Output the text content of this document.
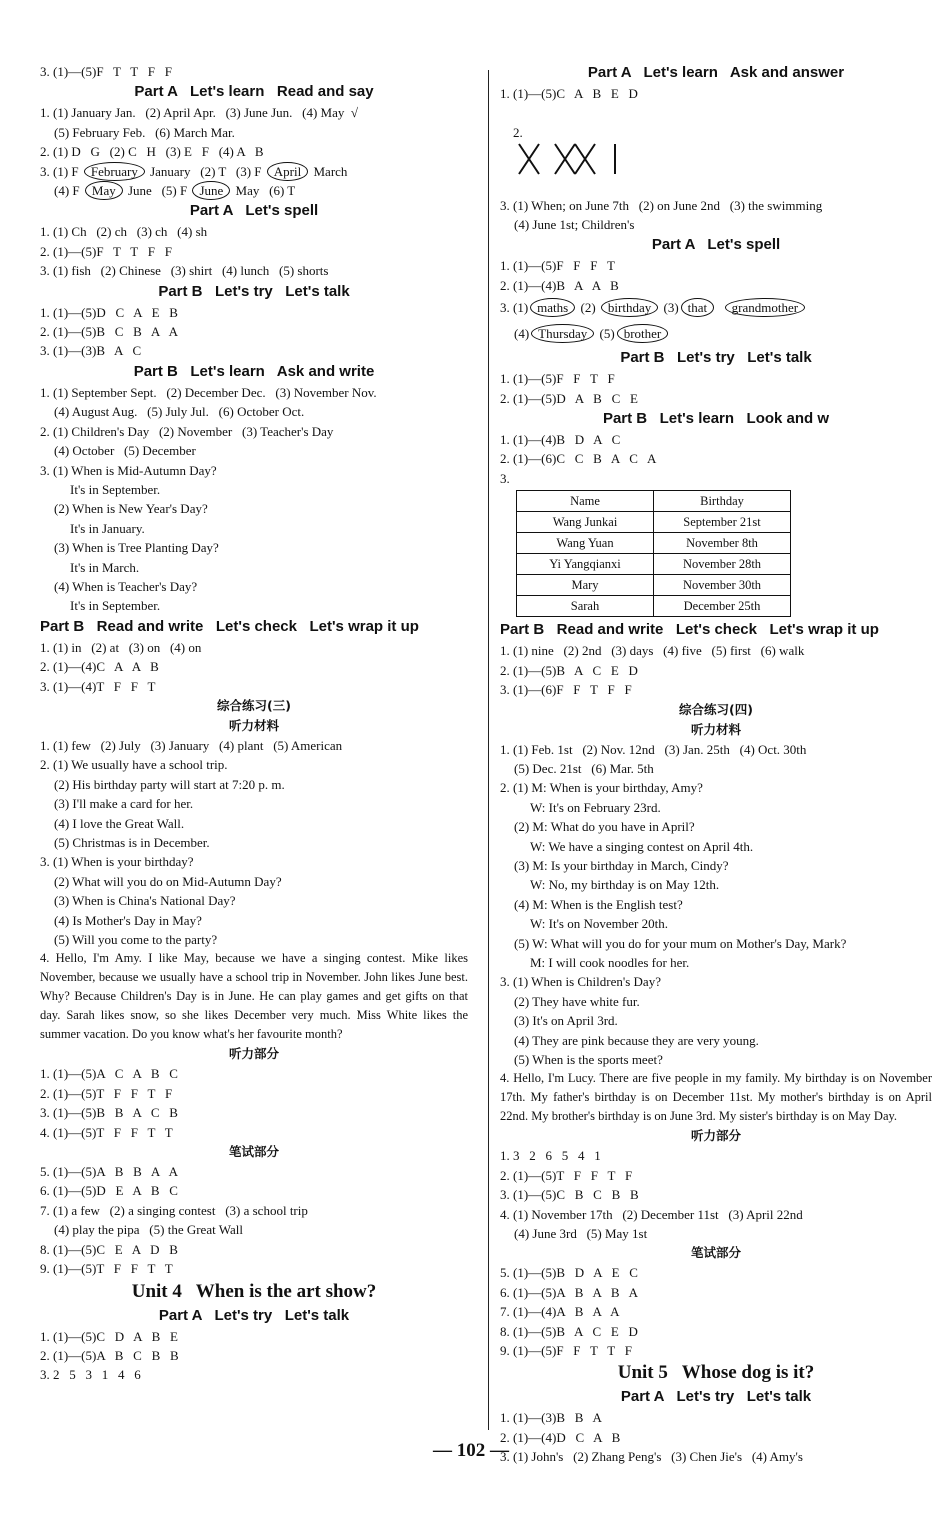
3. (1)—(5)F   T   T   F   F
Part A   Let's learn   Read and say
1. (1) January Jan.   (2) April Apr.   (3) June Jun.   (4) May  √
(5) February Feb.   (6) March Mar.
2. (1) D   G   (2) C   H   (3) E   F   (4) A   B
3. (1) F February January   (2) T   (3) F April March
(4) F May June   (5) F June May   (6) T
Part A   Let's spell
1. (1) Ch   (2) ch   (3) ch   (4) sh
2. (1)—(5)F   T   T   F   F
3. (1) fish   (2) Chinese   (3) shirt   (4) lunch   (5) shorts
Part B   Let's try   Let's talk
1. (1)—(5)D   C   A   E   B
2. (1)—(5)B   C   B   A   A
3. (1)—(3)B   A   C
Part B   Let's learn   Ask and write
1. (1) September Sept.   (2) December Dec.   (3) November Nov.
(4) August Aug.   (5) July Jul.   (6) October Oct.
2. (1) Children's Day   (2) November   (3) Teacher's Day
(4) October   (5) December
3. (1) When is Mid-Autumn Day?
It's in September.
(2) When is New Year's Day?
It's in January.
(3) When is Tree Planting Day?
It's in March.
(4) When is Teacher's Day?
It's in September.
Part B   Read and write   Let's check   Let's wrap it up
1. (1) in   (2) at   (3) on   (4) on
2. (1)—(4)C   A   A   B
3. (1)—(4)T   F   F   T
综合练习(三)
听力材料
1. (1) few   (2) July   (3) January   (4) plant   (5) American
2. (1) We usually have a school trip.
(2) His birthday party will start at 7:20 p. m.
(3) I'll make a card for her.
(4) I love the Great Wall.
(5) Christmas is in December.
3. (1) When is your birthday?
(2) What will you do on Mid-Autumn Day?
(3) When is China's National Day?
(4) Is Mother's Day in May?
(5) Will you come to the party?
4. Hello, I'm Amy. I like May, because we have a singing contest. Mike likes November, because we usually have a school trip in November. John likes June best. Why? Because Children's Day is in June. He can play games and get gifts on that day. Sarah likes snow, so she likes December very much. Miss White likes the summer vacation. Do you know what's her favourite month?
听力部分
1. (1)—(5)A   C   A   B   C
2. (1)—(5)T   F   F   T   F
3. (1)—(5)B   B   A   C   B
4. (1)—(5)T   F   F   T   T
笔试部分
5. (1)—(5)A   B   B   A   A
6. (1)—(5)D   E   A   B   C
7. (1) a few   (2) a singing contest   (3) a school trip
(4) play the pipa   (5) the Great Wall
8. (1)—(5)C   E   A   D   B
9. (1)—(5)T   F   F   T   T
Unit 4   When is the art show?
Part A   Let's try   Let's talk
1. (1)—(5)C   D   A   B   E
2. (1)—(5)A   B   C   B   B
3. 2   5   3   1   4   6
Part A   Let's learn   Ask and answer
1. (1)—(5)C   A   B   E   D

2.

3. (1) When; on June 7th   (2) on June 2nd   (3) the swimming
(4) June 1st; Children's
Part A   Let's spell
1. (1)—(5)F   F   F   T
2. (1)—(4)B   A   A   B
3. (1) maths (2) birthday (3) that grandmother
(4) Thursday (5) brother
Part B   Let's try   Let's talk
1. (1)—(5)F   F   T   F
2. (1)—(5)D   A   B   C   E
Part B   Let's learn   Look and w
1. (1)—(4)B   D   A   C
2. (1)—(6)C   C   B   A   C   A
3.
Name	Birthday
Wang Junkai	September 21st
Wang Yuan	November 8th
Yi Yangqianxi	November 28th
Mary	November 30th
Sarah	December 25th
Part B   Read and write   Let's check   Let's wrap it up
1. (1) nine   (2) 2nd   (3) days   (4) five   (5) first   (6) walk
2. (1)—(5)B   A   C   E   D
3. (1)—(6)F   F   T   F   F
综合练习(四)
听力材料
1. (1) Feb. 1st   (2) Nov. 12nd   (3) Jan. 25th   (4) Oct. 30th
(5) Dec. 21st   (6) Mar. 5th
2. (1) M: When is your birthday, Amy?
W: It's on February 23rd.
(2) M: What do you have in April?
W: We have a singing contest on April 4th.
(3) M: Is your birthday in March, Cindy?
W: No, my birthday is on May 12th.
(4) M: When is the English test?
W: It's on November 20th.
(5) W: What will you do for your mum on Mother's Day, Mark?
M: I will cook noodles for her.
3. (1) When is Children's Day?
(2) They have white fur.
(3) It's on April 3rd.
(4) They are pink because they are very young.
(5) When is the sports meet?
4. Hello, I'm Lucy. There are five people in my family. My birthday is on November 17th. My father's birthday is on December 11st. My mother's birthday is on April 22nd. My brother's birthday is on June 3rd. My sister's birthday is on May Day.
听力部分
1. 3   2   6   5   4   1
2. (1)—(5)T   F   F   T   F
3. (1)—(5)C   B   C   B   B
4. (1) November 17th   (2) December 11st   (3) April 22nd
(4) June 3rd   (5) May 1st
笔试部分
5. (1)—(5)B   D   A   E   C
6. (1)—(5)A   B   A   B   A
7. (1)—(4)A   B   A   A
8. (1)—(5)B   A   C   E   D
9. (1)—(5)F   F   T   T   F
Unit 5   Whose dog is it?
Part A   Let's try   Let's talk
1. (1)—(3)B   B   A
2. (1)—(4)D   C   A   B
3. (1) John's   (2) Zhang Peng's   (3) Chen Jie's   (4) Amy's
— 102 —
